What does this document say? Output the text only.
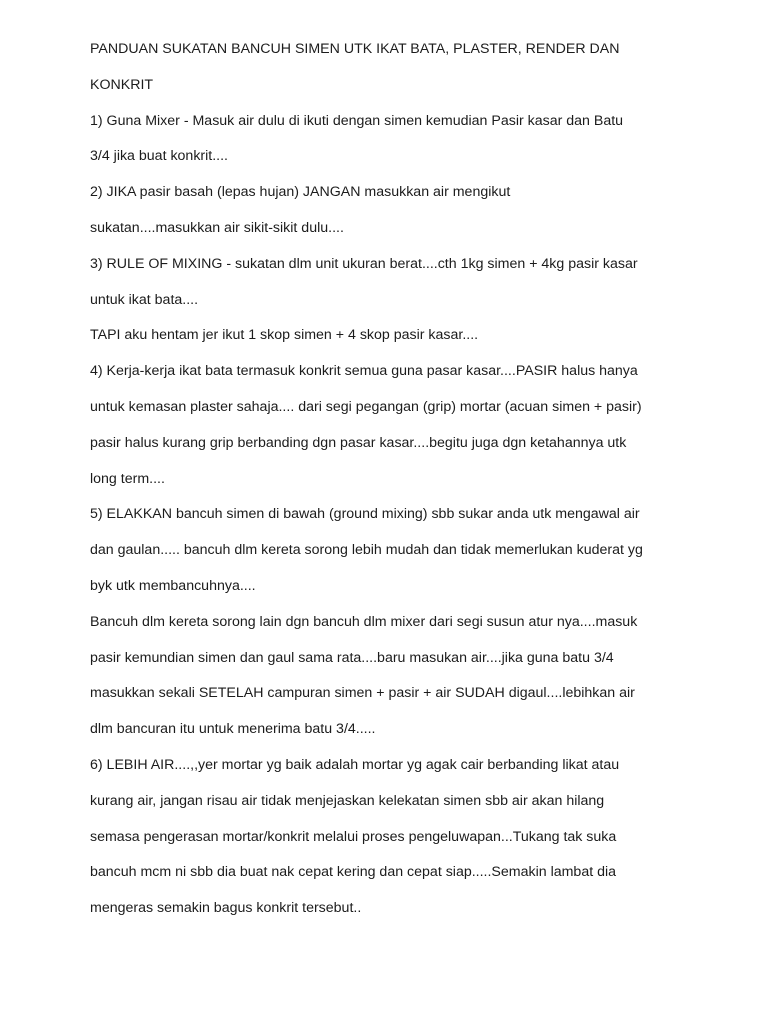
PANDUAN SUKATAN BANCUH SIMEN UTK IKAT BATA, PLASTER, RENDER DAN
KONKRIT
1) Guna Mixer - Masuk air dulu di ikuti dengan simen kemudian Pasir kasar dan Batu
3/4 jika buat konkrit....
2) JIKA pasir basah (lepas hujan) JANGAN masukkan air mengikut
sukatan....masukkan air sikit-sikit dulu....
3) RULE OF MIXING - sukatan dlm unit ukuran berat....cth 1kg simen + 4kg pasir kasar
untuk ikat bata....
TAPI aku hentam jer ikut 1 skop simen + 4 skop pasir kasar....
4) Kerja-kerja ikat bata termasuk konkrit semua guna pasar kasar....PASIR halus hanya
untuk kemasan plaster sahaja.... dari segi pegangan (grip) mortar (acuan simen + pasir)
pasir halus kurang grip berbanding dgn pasar kasar....begitu juga dgn ketahannya utk
long term....
5) ELAKKAN bancuh simen di bawah (ground mixing) sbb sukar anda utk mengawal air
dan gaulan..... bancuh dlm kereta sorong lebih mudah dan tidak memerlukan kuderat yg
byk utk membancuhnya....
Bancuh dlm kereta sorong lain dgn bancuh dlm mixer dari segi susun atur nya....masuk
pasir kemundian simen dan gaul sama rata....baru masukan air....jika guna batu 3/4
masukkan sekali SETELAH campuran simen + pasir + air SUDAH digaul....lebihkan air
dlm bancuran itu untuk menerima batu 3/4.....
6) LEBIH AIR....,,yer mortar yg baik adalah mortar yg agak cair berbanding likat atau
kurang air, jangan risau air tidak menjejaskan kelekatan simen sbb air akan hilang
semasa pengerasan mortar/konkrit melalui proses pengeluwapan...Tukang tak suka
bancuh mcm ni sbb dia buat nak cepat kering dan cepat siap.....Semakin lambat dia
mengeras semakin bagus konkrit tersebut..
